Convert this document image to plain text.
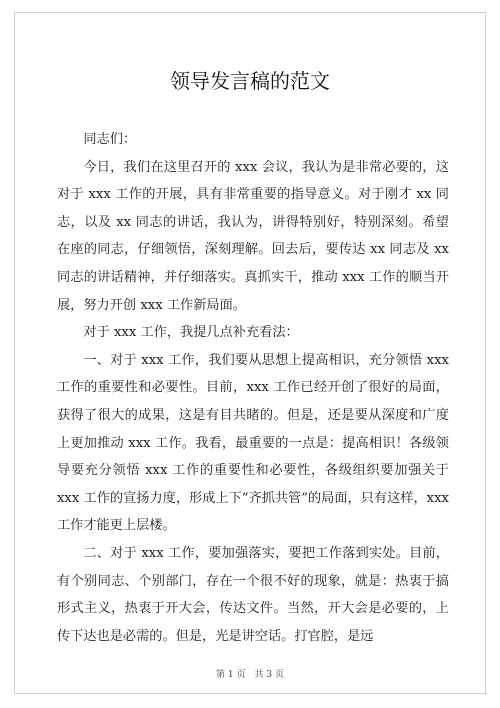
领导发言稿的范文

同志们：

今日，我们在这里召开的 xxx 会议，我认为是非常必要的，这对于 xxx 工作的开展，具有非常重要的指导意义。对于刚才 xx 同志，以及 xx 同志的讲话，我认为，讲得特别好，特别深刻。希望在座的同志，仔细领悟，深刻理解。回去后，要传达 xx 同志及 xx 同志的讲话精神，并仔细落实。真抓实干，推动 xxx 工作的顺当开展，努力开创 xxx 工作新局面。

对于 xxx 工作，我提几点补充看法：

一、对于 xxx 工作，我们要从思想上提高相识，充分领悟 xxx 工作的重要性和必要性。目前，xxx 工作已经开创了很好的局面，获得了很大的成果，这是有目共睹的。但是，还是要从深度和广度上更加推动 xxx 工作。我看，最重要的一点是：提高相识！各级领导要充分领悟 xxx 工作的重要性和必要性，各级组织要加强关于 xxx 工作的宣扬力度，形成上下“齐抓共管”的局面，只有这样，xxx 工作才能更上层楼。

二、对于 xxx 工作，要加强落实，要把工作落到实处。目前，有个别同志、个别部门，存在一个很不好的现象，就是：热衷于搞形式主义，热衷于开大会，传达文件。当然，开大会是必要的，上传下达也是必需的。但是，光是讲空话。打官腔，是远

第 1 页　共 3 页
